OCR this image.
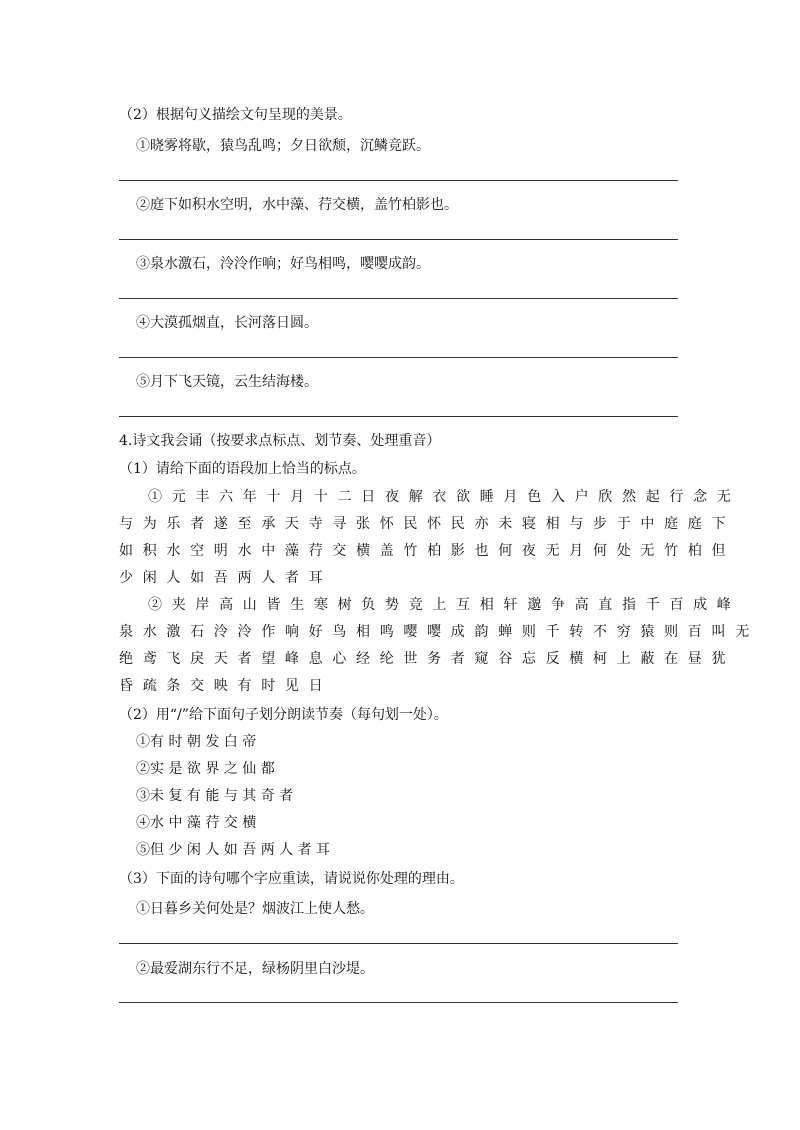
（2）根据句义描绘文句呈现的美景。
①晓雾将歇，猿鸟乱鸣；夕日欲颓，沉鳞竞跃。
②庭下如积水空明，水中藻、荇交横，盖竹柏影也。
③泉水激石，泠泠作响；好鸟相鸣，嘤嘤成韵。
④大漠孤烟直，长河落日圆。
⑤月下飞天镜，云生结海楼。
4.诗文我会诵（按要求点标点、划节奏、处理重音）
（1）请给下面的语段加上恰当的标点。
①元丰六年十月十二日夜解衣欲睡月色入户欣然起行念无
与为乐者遂至承天寺寻张怀民怀民亦未寝相与步于中庭庭下
如积水空明水中藻荇交横盖竹柏影也何夜无月何处无竹柏但
少闲人如吾两人者耳
②夹岸高山皆生寒树负势竞上互相轩邈争高直指千百成峰
泉水激石泠泠作响好鸟相鸣嘤嘤成韵蝉则千转不穷猿则百叫无
绝鸢飞戾天者望峰息心经纶世务者窥谷忘反横柯上蔽在昼犹
昏疏条交映有时见日
（2）用“/”给下面句子划分朗读节奏（每句划一处）。
①有 时 朝 发 白 帝
②实 是 欲 界 之 仙 都
③未 复 有 能 与 其 奇 者
④水 中 藻 荇 交 横
⑤但 少 闲 人 如 吾 两 人 者 耳
（3）下面的诗句哪个字应重读，请说说你处理的理由。
①日暮乡关何处是？烟波江上使人愁。
②最爱湖东行不足，绿杨阴里白沙堤。
